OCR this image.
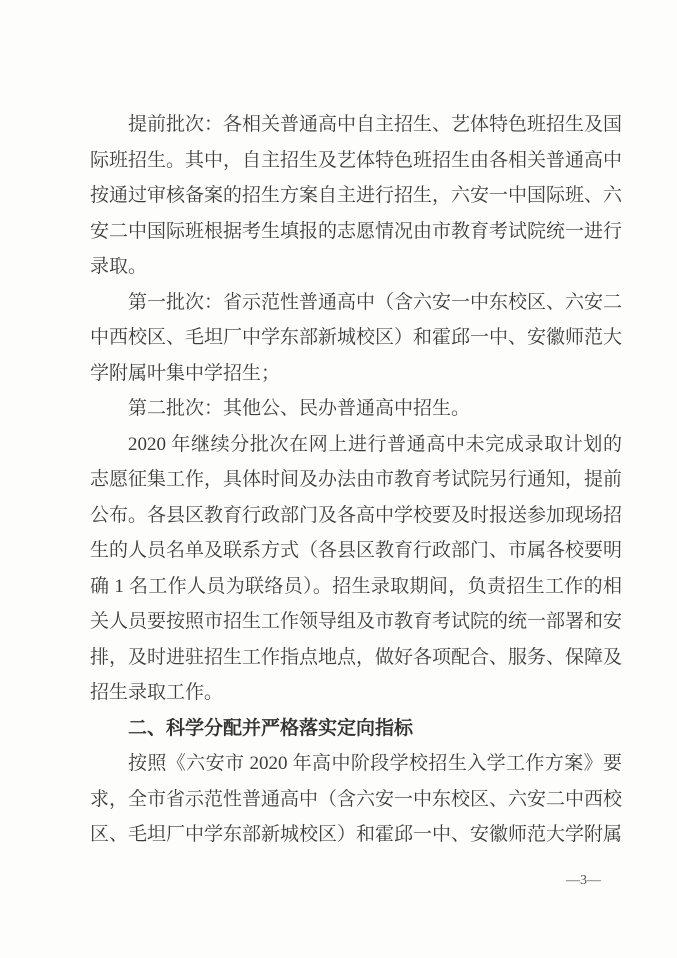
提前批次：各相关普通高中自主招生、艺体特色班招生及国际班招生。其中，自主招生及艺体特色班招生由各相关普通高中按通过审核备案的招生方案自主进行招生，六安一中国际班、六安二中国际班根据考生填报的志愿情况由市教育考试院统一进行录取。

第一批次：省示范性普通高中（含六安一中东校区、六安二中西校区、毛坦厂中学东部新城校区）和霍邱一中、安徽师范大学附属叶集中学招生；

第二批次：其他公、民办普通高中招生。

2020 年继续分批次在网上进行普通高中未完成录取计划的志愿征集工作，具体时间及办法由市教育考试院另行通知，提前公布。各县区教育行政部门及各高中学校要及时报送参加现场招生的人员名单及联系方式（各县区教育行政部门、市属各校要明确 1 名工作人员为联络员）。招生录取期间，负责招生工作的相关人员要按照市招生工作领导组及市教育考试院的统一部署和安排，及时进驻招生工作指点地点，做好各项配合、服务、保障及招生录取工作。

二、科学分配并严格落实定向指标

按照《六安市 2020 年高中阶段学校招生入学工作方案》要求，全市省示范性普通高中（含六安一中东校区、六安二中西校区、毛坦厂中学东部新城校区）和霍邱一中、安徽师范大学附属

—3—
